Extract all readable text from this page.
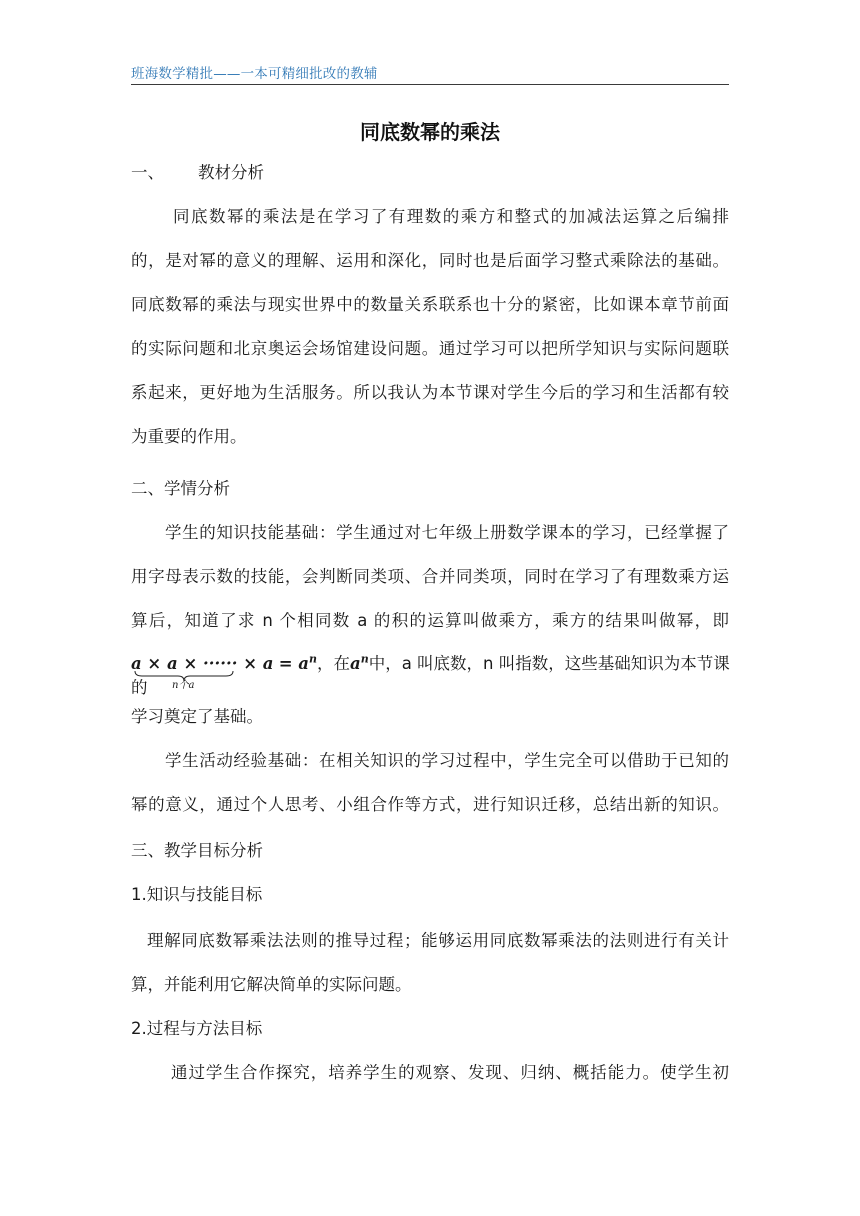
班海数学精批——一本可精细批改的教辅
同底数幂的乘法
一、 教材分析
同底数幂的乘法是在学习了有理数的乘方和整式的加减法运算之后编排
的，是对幂的意义的理解、运用和深化，同时也是后面学习整式乘除法的基础。
同底数幂的乘法与现实世界中的数量关系联系也十分的紧密，比如课本章节前面
的实际问题和北京奥运会场馆建设问题。通过学习可以把所学知识与实际问题联
系起来，更好地为生活服务。所以我认为本节课对学生今后的学习和生活都有较
为重要的作用。
二、学情分析
学生的知识技能基础：学生通过对七年级上册数学课本的学习，已经掌握了
用字母表示数的技能，会判断同类项、合并同类项，同时在学习了有理数乘方运
算后，知道了求 n 个相同数 a 的积的运算叫做乘方，乘方的结果叫做幂，即
a × a × ······ × $a = a^n$，在$a^n$中，a 叫底数，n 叫指数，这些基础知识为本节课的	n个a
学习奠定了基础。
学生活动经验基础：在相关知识的学习过程中，学生完全可以借助于已知的
幂的意义，通过个人思考、小组合作等方式，进行知识迁移，总结出新的知识。
三、教学目标分析
1.知识与技能目标
理解同底数幂乘法法则的推导过程；能够运用同底数幂乘法的法则进行有关计
算，并能利用它解决简单的实际问题。
2.过程与方法目标
通过学生合作探究，培养学生的观察、发现、归纳、概括能力。使学生初
